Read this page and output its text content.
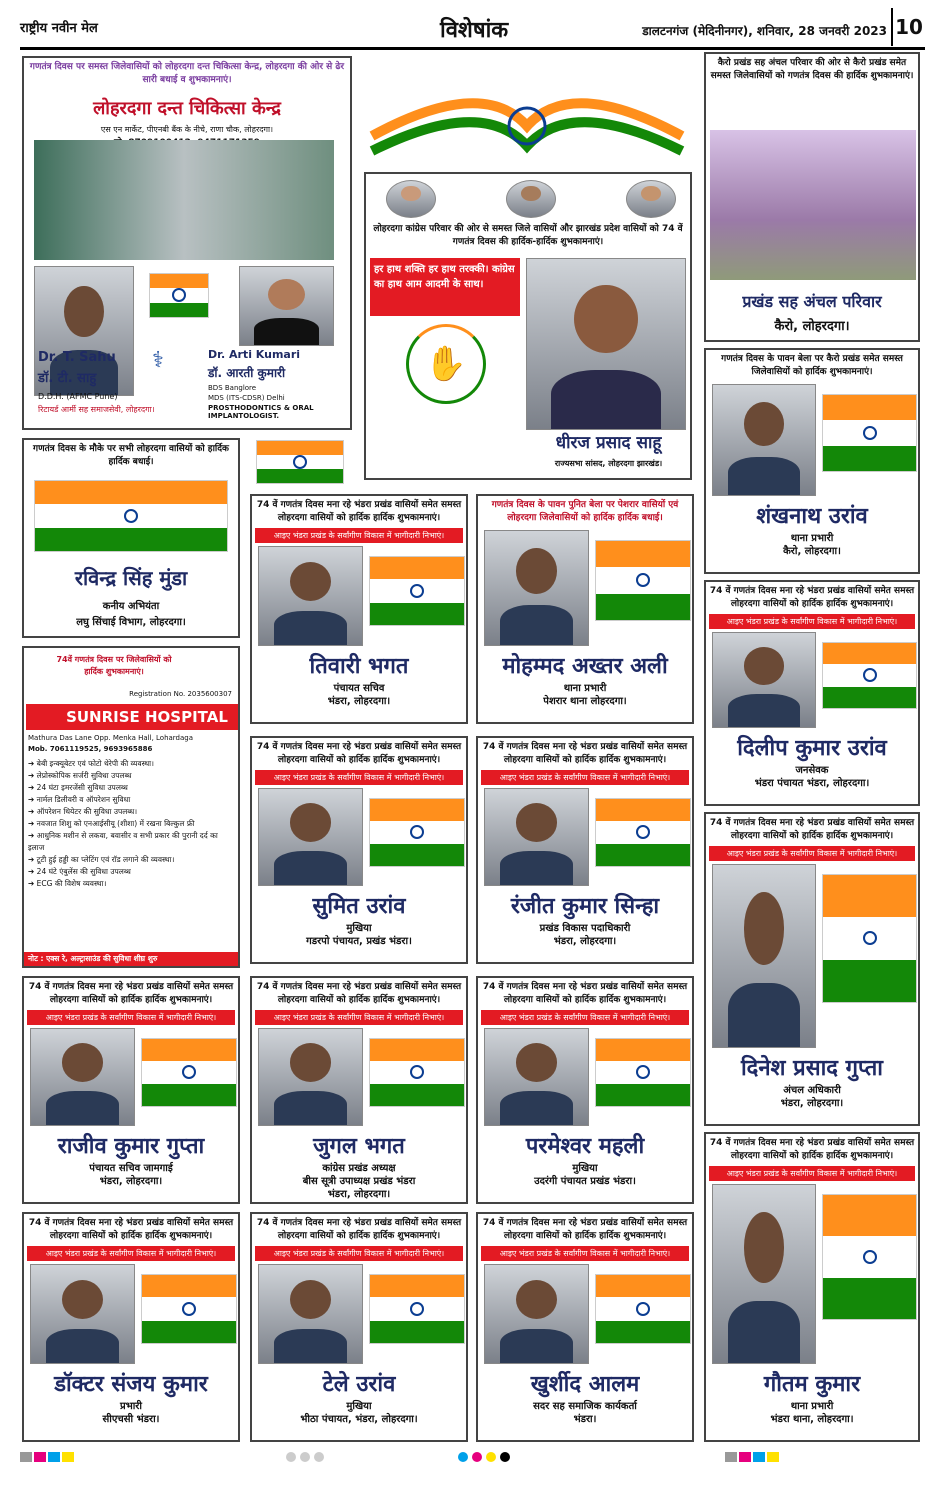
राष्ट्रीय नवीन मेल	विशेषांक	डालटनगंज (मेदिनीनगर), शनिवार, 28 जनवरी 2023 10
गणतंत्र दिवस पर समस्त जिलेवासियों को लोहरदगा दन्त चिकित्सा केन्द्र, लोहरदगा की ओर से ढेर सारी बधाई व शुभकामनाएं।
लोहरदगा दन्त चिकित्सा केन्द्र
एस एन मार्केट, पीएनबी बैंक के नीचे, राणा चौक, लोहरदगा।
⚕
Dr. T. Sahu
डॉ. टी. साहु
D.D.H. (AFMC Pune)
रिटायर्ड आर्मी सह समाजसेवी, लोहरदगा।
Dr. Arti Kumari
डॉ. आरती कुमारी
BDS Banglore
MDS (ITS-CDSR) Delhi
PROSTHODONTICS & ORAL IMPLANTOLOGIST.
लोहरदगा कांग्रेस परिवार की ओर से समस्त जिले वासियों और झारखंड प्रदेश वासियों को 74 वें गणतंत्र दिवस की हार्दिक-हार्दिक शुभकामनाएं।
हर हाथ शक्ति हर हाथ तरक्की। कांग्रेस का हाथ आम आदमी के साथ।
✋
धीरज प्रसाद साहू
राज्यसभा सांसद, लोहरदगा झारखंड।
कैरो प्रखंड सह अंचल परिवार की ओर से कैरो प्रखंड समेत समस्त जिलेवासियों को गणतंत्र दिवस की हार्दिक शुभकामनाएं।
प्रखंड सह अंचल परिवार
कैरो, लोहरदगा।
गणतंत्र दिवस के मौके पर सभी लोहरदगा वासियों को हार्दिक हार्दिक बधाई।
रविन्द्र सिंह मुंडा
कनीय अभियंता
लघु सिंचाई विभाग, लोहरदगा।
74वें गणतंत्र दिवस पर जिलेवासियों को हार्दिक शुभकामनाएं।
Registration No. 2035600307
SUNRISE HOSPITAL
Mathura Das Lane Opp. Menka Hall, Lohardaga
Mob. 7061119525, 9693965886
➔ बेबी इन्क्यूबेटर एवं फोटो थेरेपी की व्यवस्था।
➔ लेप्रोस्कोपिक सर्जरी सुविधा उपलब्ध
➔ 24 घंटा इमरजेंसी सुविधा उपलब्ध
➔ नार्मल डिलीवरी व ऑपरेशन सुविधा
➔ ऑपरेशन थियेटर की सुविधा उपलब्ध।
➔ नवजात शिशु को एनआईसीयू (शीशा) में रखना बिल्कुल फ्री
➔ आधुनिक मशीन से लकवा, बवासीर व सभी प्रकार की पुरानी दर्द का इलाज
➔ टूटी हुई हड्डी का प्लेटिंग एवं रॉड लगाने की व्यवस्था।
➔ 24 घंटे एंबुलेंस की सुविधा उपलब्ध
➔ ECG की विशेष व्यवस्था।
नोट : एक्स रे, अल्ट्रासाउंड की सुविधा शीघ्र शुरु
74 वें गणतंत्र दिवस मना रहे भंडरा प्रखंड वासियों समेत समस्त लोहरदगा वासियों को हार्दिक हार्दिक शुभकामनाएं।
आइए भंडरा प्रखंड के सर्वांगीण विकास में भागीदारी निभाएं।
तिवारी भगत
पंचायत सचिव
भंडरा, लोहरदगा।
गणतंत्र दिवस के पावन पुनित बेला पर पेशरार वासियों एवं लोहरदगा जिलेवासियों को हार्दिक हार्दिक बधाई।
मोहम्मद अख्तर अली
थाना प्रभारी
पेशरार थाना लोहरदगा।
गणतंत्र दिवस के पावन बेला पर कैरो प्रखंड समेत समस्त जिलेवासियों को हार्दिक शुभकामनाएं।
शंखनाथ उरांव
थाना प्रभारी
कैरो, लोहरदगा।
74 वें गणतंत्र दिवस मना रहे भंडरा प्रखंड वासियों समेत समस्त लोहरदगा वासियों को हार्दिक हार्दिक शुभकामनाएं।
आइए भंडरा प्रखंड के सर्वांगीण विकास में भागीदारी निभाएं।
दिलीप कुमार उरांव
जनसेवक
भंडरा पंचायत भंडरा, लोहरदगा।
74 वें गणतंत्र दिवस मना रहे भंडरा प्रखंड वासियों समेत समस्त लोहरदगा वासियों को हार्दिक हार्दिक शुभकामनाएं।
आइए भंडरा प्रखंड के सर्वांगीण विकास में भागीदारी निभाएं।
सुमित उरांव
मुखिया
गडरपो पंचायत, प्रखंड भंडरा।
74 वें गणतंत्र दिवस मना रहे भंडरा प्रखंड वासियों समेत समस्त लोहरदगा वासियों को हार्दिक हार्दिक शुभकामनाएं।
आइए भंडरा प्रखंड के सर्वांगीण विकास में भागीदारी निभाएं।
रंजीत कुमार सिन्हा
प्रखंड विकास पदाधिकारी
भंडरा, लोहरदगा।
74 वें गणतंत्र दिवस मना रहे भंडरा प्रखंड वासियों समेत समस्त लोहरदगा वासियों को हार्दिक हार्दिक शुभकामनाएं।
आइए भंडरा प्रखंड के सर्वांगीण विकास में भागीदारी निभाएं।
दिनेश प्रसाद गुप्ता
अंचल अधिकारी
भंडरा, लोहरदगा।
74 वें गणतंत्र दिवस मना रहे भंडरा प्रखंड वासियों समेत समस्त लोहरदगा वासियों को हार्दिक हार्दिक शुभकामनाएं।
आइए भंडरा प्रखंड के सर्वांगीण विकास में भागीदारी निभाएं।
राजीव कुमार गुप्ता
पंचायत सचिव जामगाई
भंडरा, लोहरदगा।
74 वें गणतंत्र दिवस मना रहे भंडरा प्रखंड वासियों समेत समस्त लोहरदगा वासियों को हार्दिक हार्दिक शुभकामनाएं।
आइए भंडरा प्रखंड के सर्वांगीण विकास में भागीदारी निभाएं।
जुगल भगत
कांग्रेस प्रखंड अध्यक्ष
बीस सूत्री उपाध्यक्ष प्रखंड भंडरा
भंडरा, लोहरदगा।
74 वें गणतंत्र दिवस मना रहे भंडरा प्रखंड वासियों समेत समस्त लोहरदगा वासियों को हार्दिक हार्दिक शुभकामनाएं।
आइए भंडरा प्रखंड के सर्वांगीण विकास में भागीदारी निभाएं।
परमेश्वर महली
मुखिया
उदरंगी पंचायत प्रखंड भंडरा।
74 वें गणतंत्र दिवस मना रहे भंडरा प्रखंड वासियों समेत समस्त लोहरदगा वासियों को हार्दिक हार्दिक शुभकामनाएं।
आइए भंडरा प्रखंड के सर्वांगीण विकास में भागीदारी निभाएं।
गौतम कुमार
थाना प्रभारी
भंडरा थाना, लोहरदगा।
74 वें गणतंत्र दिवस मना रहे भंडरा प्रखंड वासियों समेत समस्त लोहरदगा वासियों को हार्दिक हार्दिक शुभकामनाएं।
आइए भंडरा प्रखंड के सर्वांगीण विकास में भागीदारी निभाएं।
डॉक्टर संजय कुमार
प्रभारी
सीएचसी भंडरा।
74 वें गणतंत्र दिवस मना रहे भंडरा प्रखंड वासियों समेत समस्त लोहरदगा वासियों को हार्दिक हार्दिक शुभकामनाएं।
आइए भंडरा प्रखंड के सर्वांगीण विकास में भागीदारी निभाएं।
टेले उरांव
मुखिया
भीठा पंचायत, भंडरा, लोहरदगा।
74 वें गणतंत्र दिवस मना रहे भंडरा प्रखंड वासियों समेत समस्त लोहरदगा वासियों को हार्दिक हार्दिक शुभकामनाएं।
आइए भंडरा प्रखंड के सर्वांगीण विकास में भागीदारी निभाएं।
खुर्शीद आलम
सदर सह समाजिक कार्यकर्ता
भंडरा।
